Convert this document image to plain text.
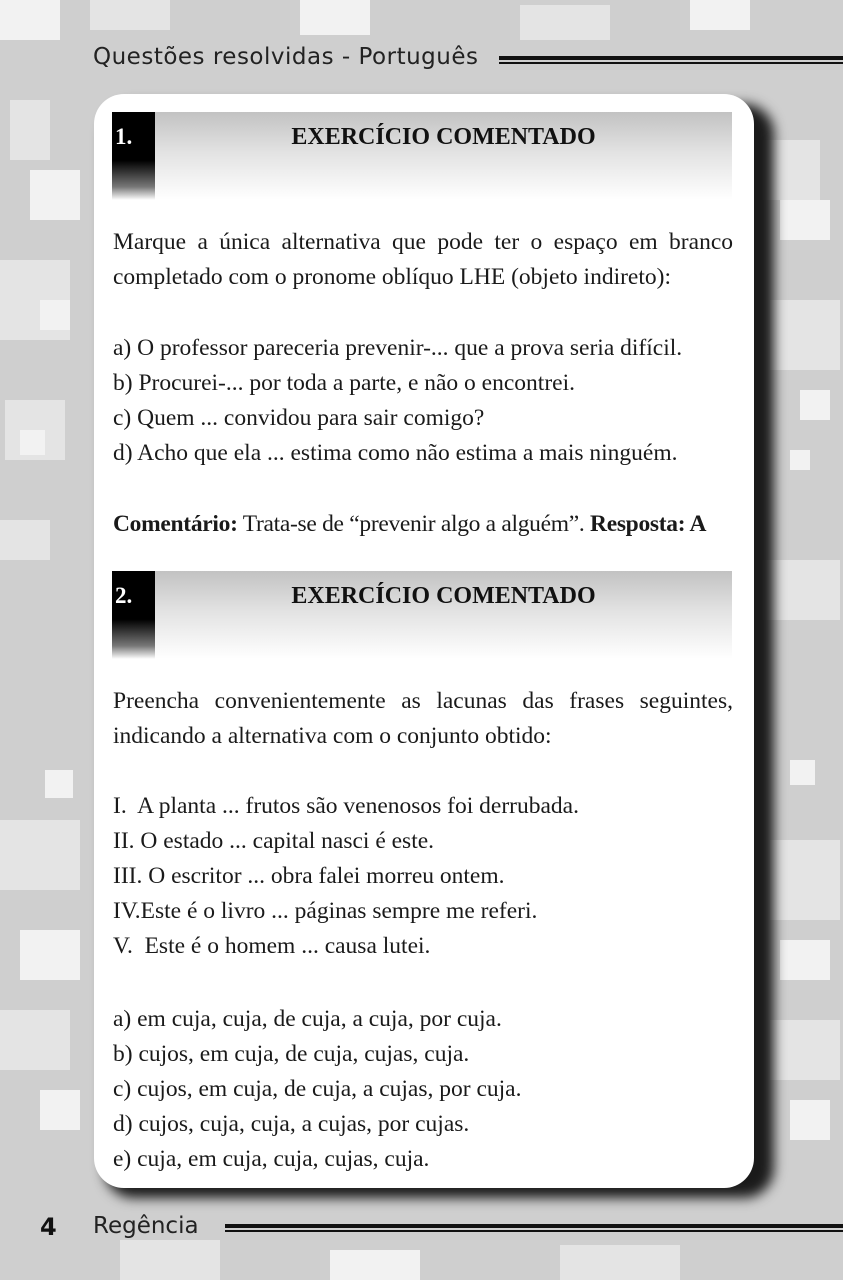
Questões resolvidas - Português
1.	EXERCÍCIO COMENTADO
Marque a única alternativa que pode ter o espaço em branco
completado com o pronome oblíquo LHE (objeto indireto):
a) O professor pareceria prevenir-... que a prova seria difícil.
b) Procurei-... por toda a parte, e não o encontrei.
c) Quem ... convidou para sair comigo?
d) Acho que ela ... estima como não estima a mais ninguém.
Comentário: Trata-se de “prevenir algo a alguém”. Resposta: A
2.	EXERCÍCIO COMENTADO
Preencha convenientemente as lacunas das frases seguintes,
indicando a alternativa com o conjunto obtido:
I.  A planta ... frutos são venenosos foi derrubada.
II. O estado ... capital nasci é este.
III. O escritor ... obra falei morreu ontem.
IV.Este é o livro ... páginas sempre me referi.
V.  Este é o homem ... causa lutei.
a) em cuja, cuja, de cuja, a cuja, por cuja.
b) cujos, em cuja, de cuja, cujas, cuja.
c) cujos, em cuja, de cuja, a cujas, por cuja.
d) cujos, cuja, cuja, a cujas, por cujas.
e) cuja, em cuja, cuja, cujas, cuja.
4 Regência
